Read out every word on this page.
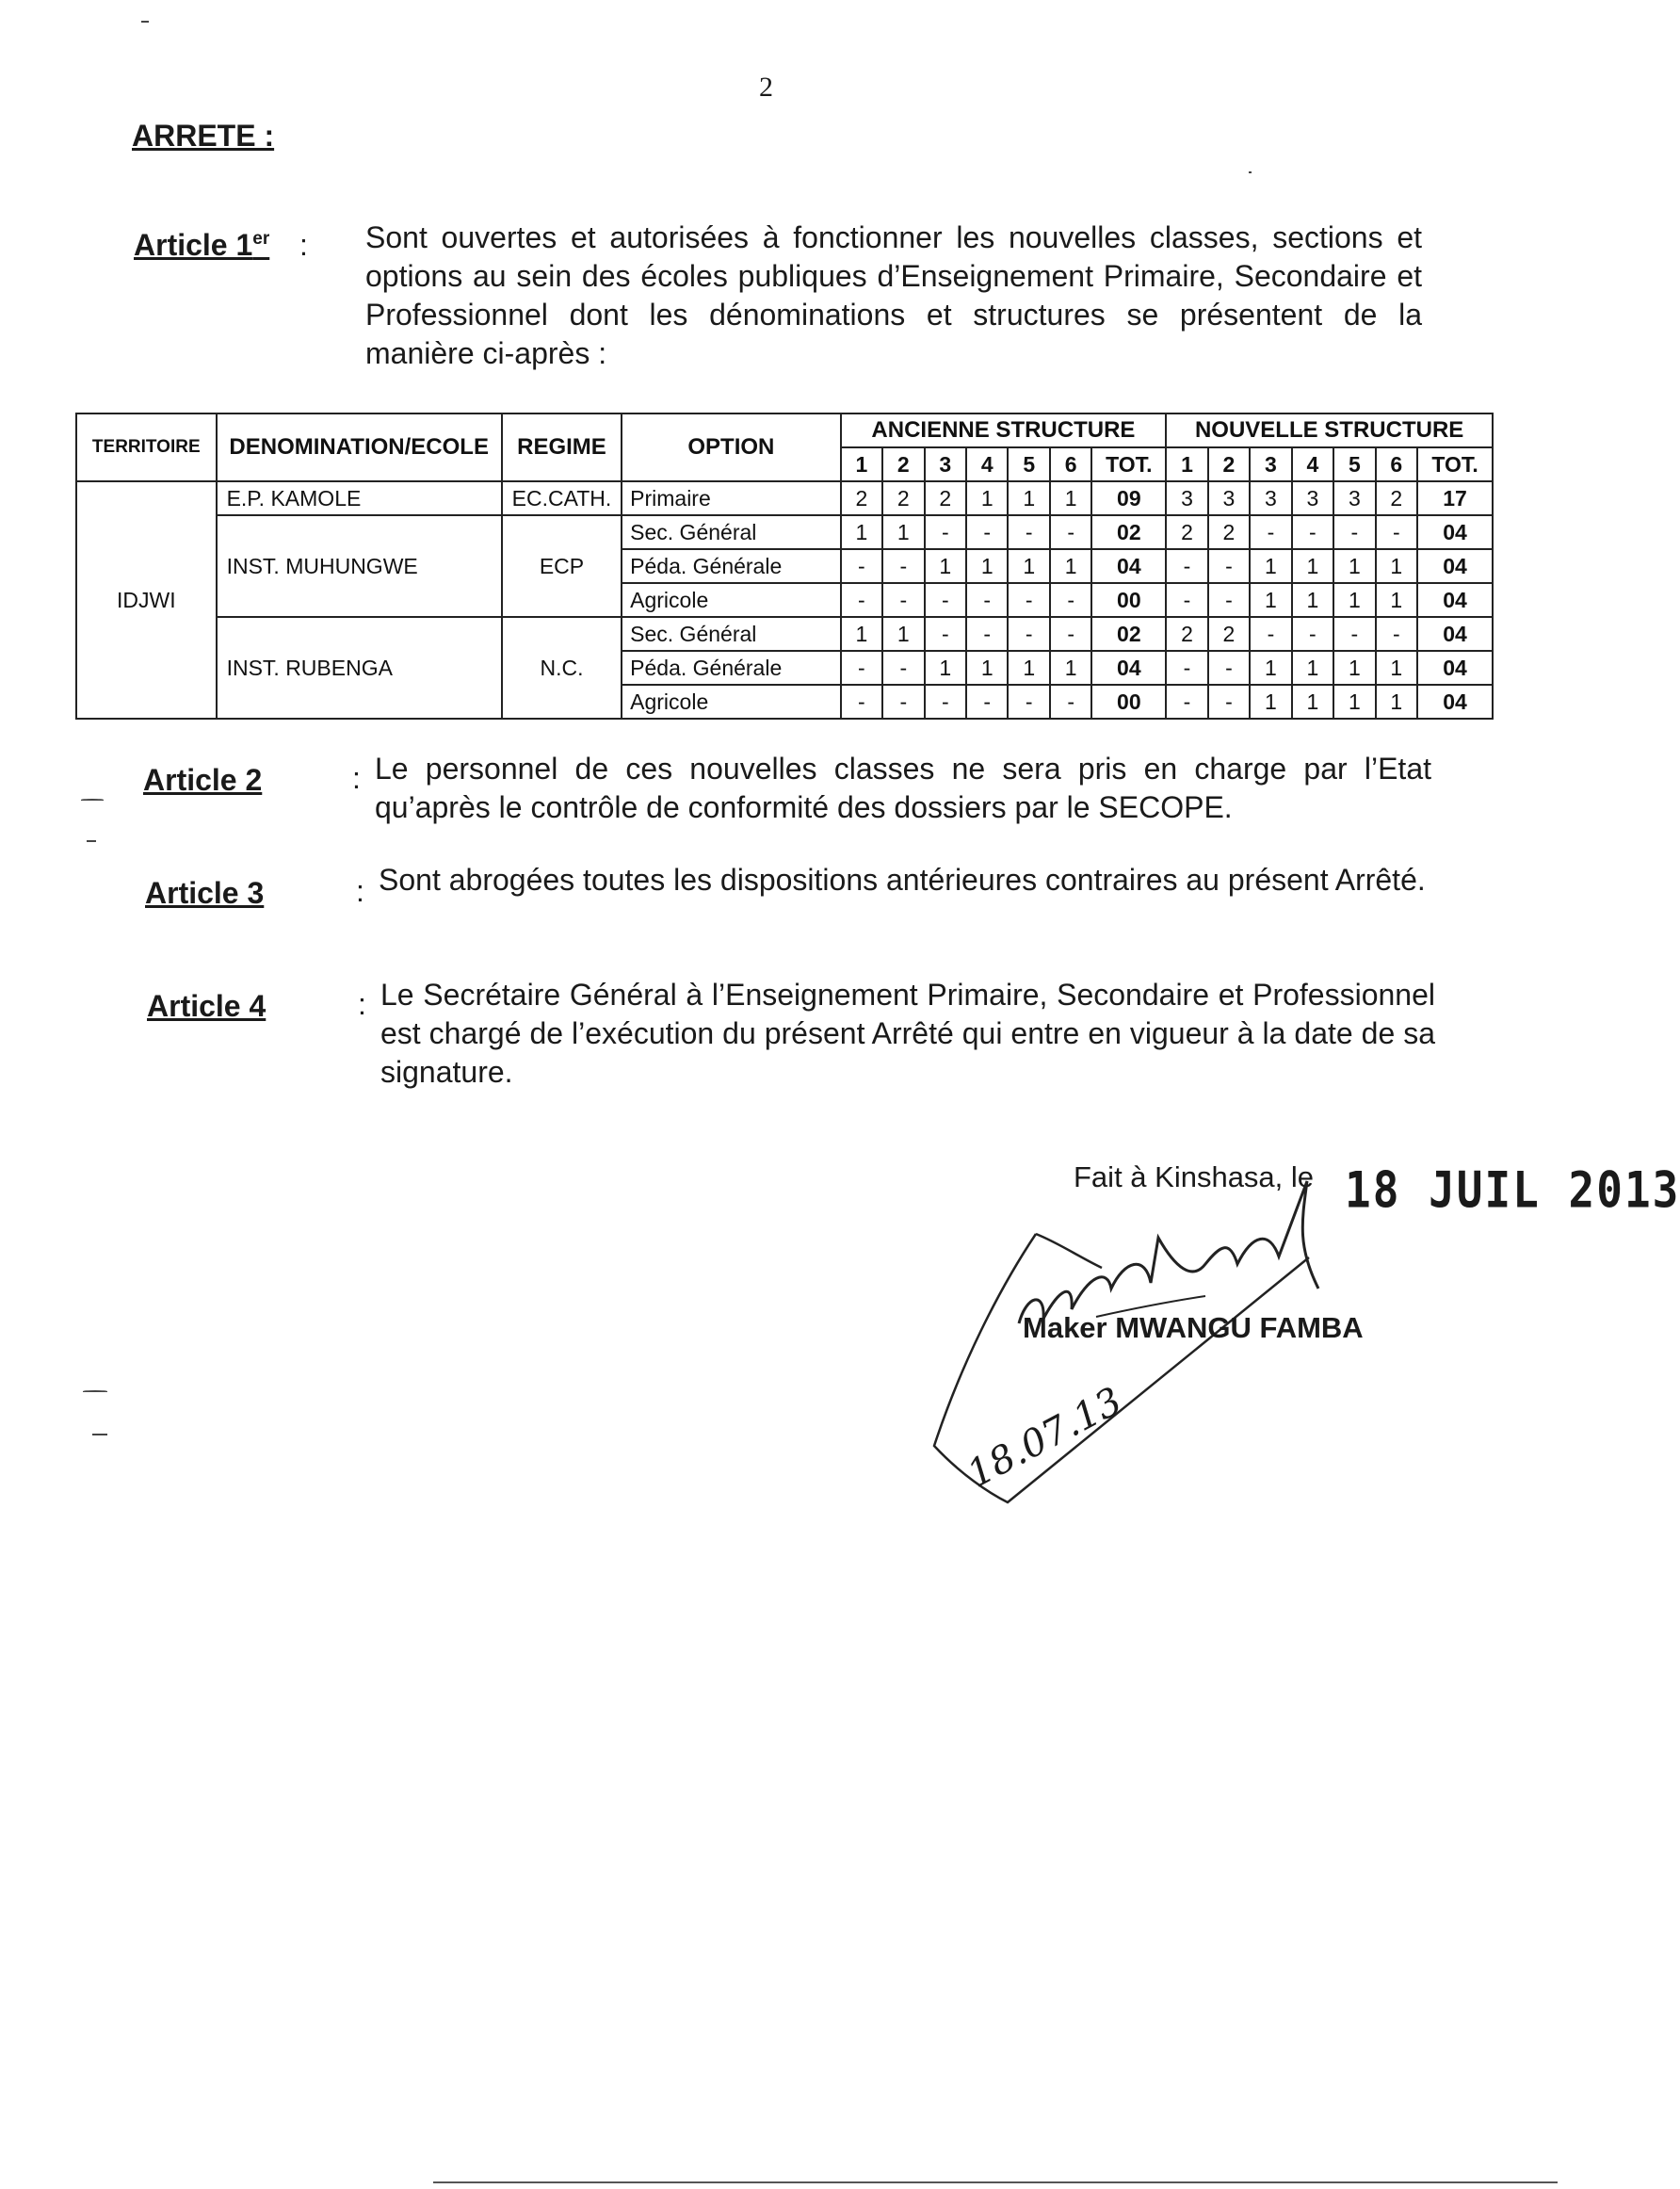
2
ARRETE :
Article 1er : Sont ouvertes et autorisées à fonctionner les nouvelles classes, sections et options au sein des écoles publiques d’Enseignement Primaire, Secondaire et Professionnel dont les dénominations et structures se présentent de la manière ci-après :
TERRITOIRE	DENOMINATION/ECOLE	REGIME	OPTION	ANCIENNE STRUCTURE							NOUVELLE STRUCTURE						
				1	2	3	4	5	6	TOT.	1	2	3	4	5	6	TOT.
IDJWI	E.P. KAMOLE	EC.CATH.	Primaire	2	2	2	1	1	1	09	3	3	3	3	3	2	17
	INST. MUHUNGWE	ECP	Sec. Général	1	1	-	-	-	-	02	2	2	-	-	-	-	04
			Péda. Générale	-	-	1	1	1	1	04	-	-	1	1	1	1	04
			Agricole	-	-	-	-	-	-	00	-	-	1	1	1	1	04
	INST. RUBENGA	N.C.	Sec. Général	1	1	-	-	-	-	02	2	2	-	-	-	-	04
			Péda. Générale	-	-	1	1	1	1	04	-	-	1	1	1	1	04
			Agricole	-	-	-	-	-	-	00	-	-	1	1	1	1	04
Article 2	: Le personnel de ces nouvelles classes ne sera pris en charge par l’Etat qu’après le contrôle de conformité des dossiers par le SECOPE.
Article 3	: Sont abrogées toutes les dispositions antérieures contraires au présent Arrêté.
Article 4	: Le Secrétaire Général à l’Enseignement Primaire, Secondaire et Professionnel est chargé de l’exécution du présent Arrêté qui entre en vigueur à la date de sa signature.
Fait à Kinshasa, le 18 JUIL 2013
Maker MWANGU FAMBA
18.07.13
